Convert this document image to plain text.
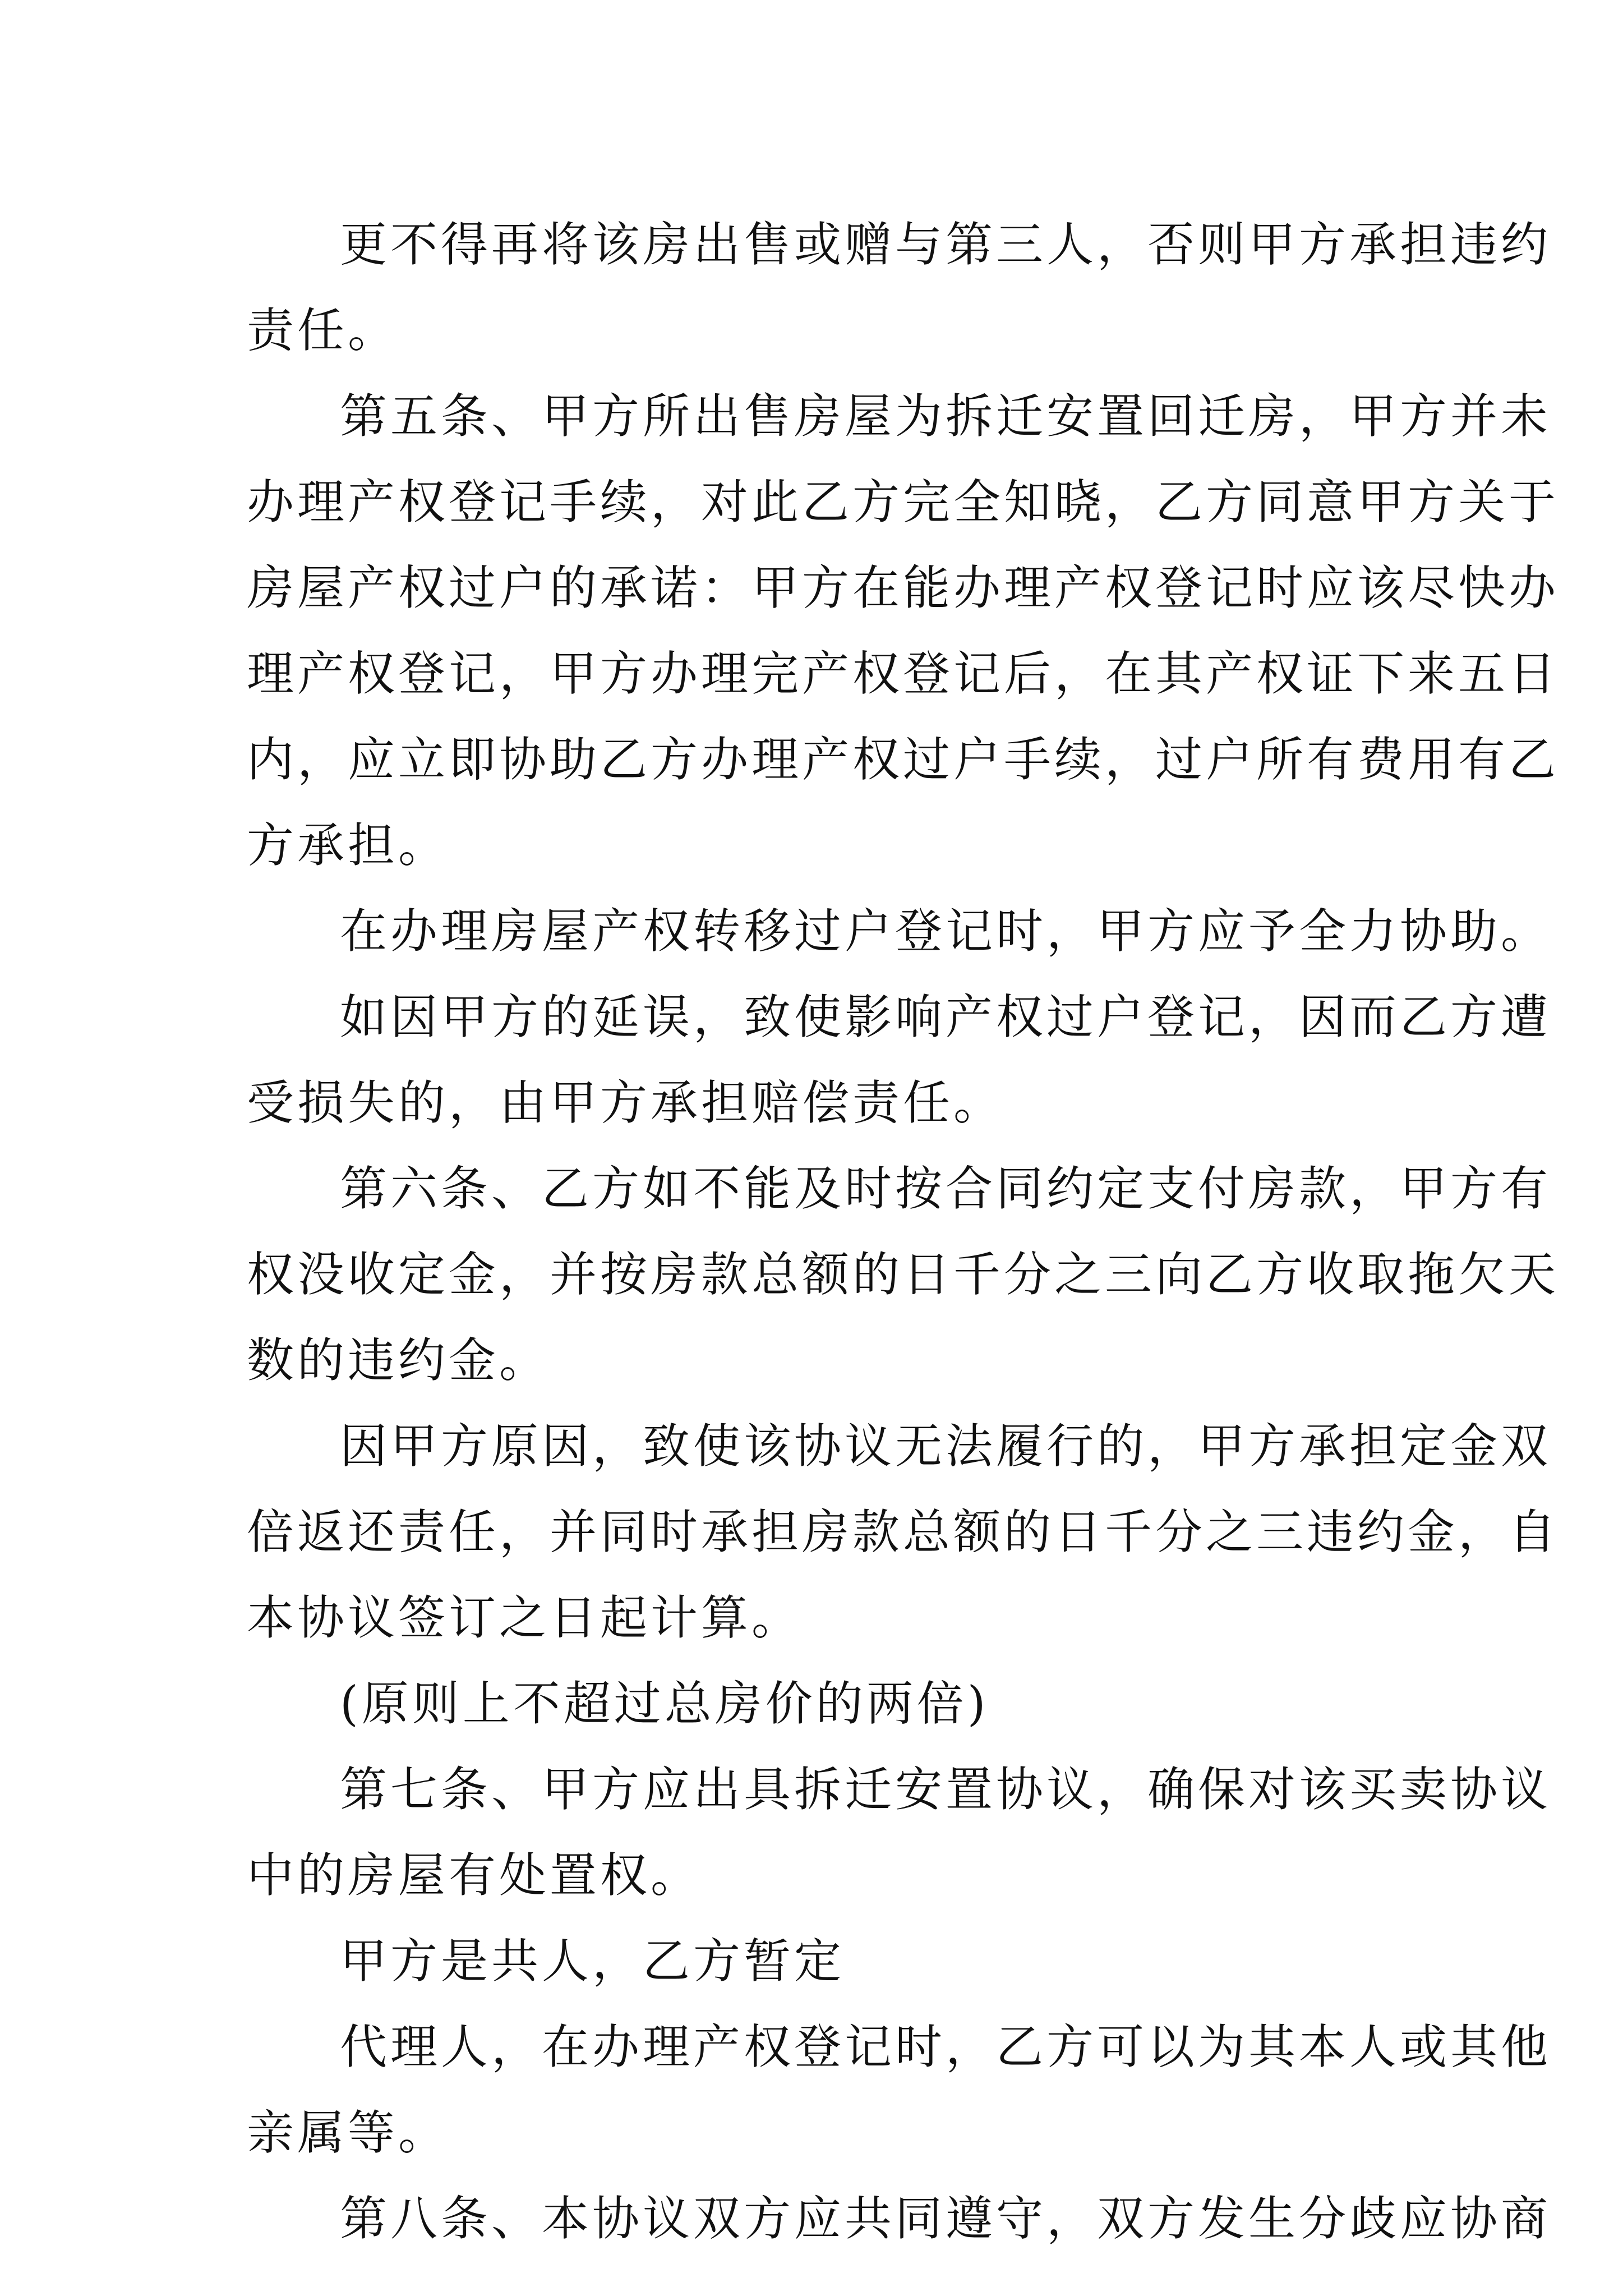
更不得再将该房出售或赠与第三人，否则甲方承担违约
责任。
第五条、甲方所出售房屋为拆迁安置回迁房，甲方并未
办理产权登记手续，对此乙方完全知晓，乙方同意甲方关于
房屋产权过户的承诺：甲方在能办理产权登记时应该尽快办
理产权登记，甲方办理完产权登记后，在其产权证下来五日
内，应立即协助乙方办理产权过户手续，过户所有费用有乙
方承担。
在办理房屋产权转移过户登记时，甲方应予全力协助。
如因甲方的延误，致使影响产权过户登记，因而乙方遭
受损失的，由甲方承担赔偿责任。
第六条、乙方如不能及时按合同约定支付房款，甲方有
权没收定金，并按房款总额的日千分之三向乙方收取拖欠天
数的违约金。
因甲方原因，致使该协议无法履行的，甲方承担定金双
倍返还责任，并同时承担房款总额的日千分之三违约金，自
本协议签订之日起计算。
(原则上不超过总房价的两倍)
第七条、甲方应出具拆迁安置协议，确保对该买卖协议
中的房屋有处置权。
甲方是共人，乙方暂定
代理人，在办理产权登记时，乙方可以为其本人或其他
亲属等。
第八条、本协议双方应共同遵守，双方发生分歧应协商
